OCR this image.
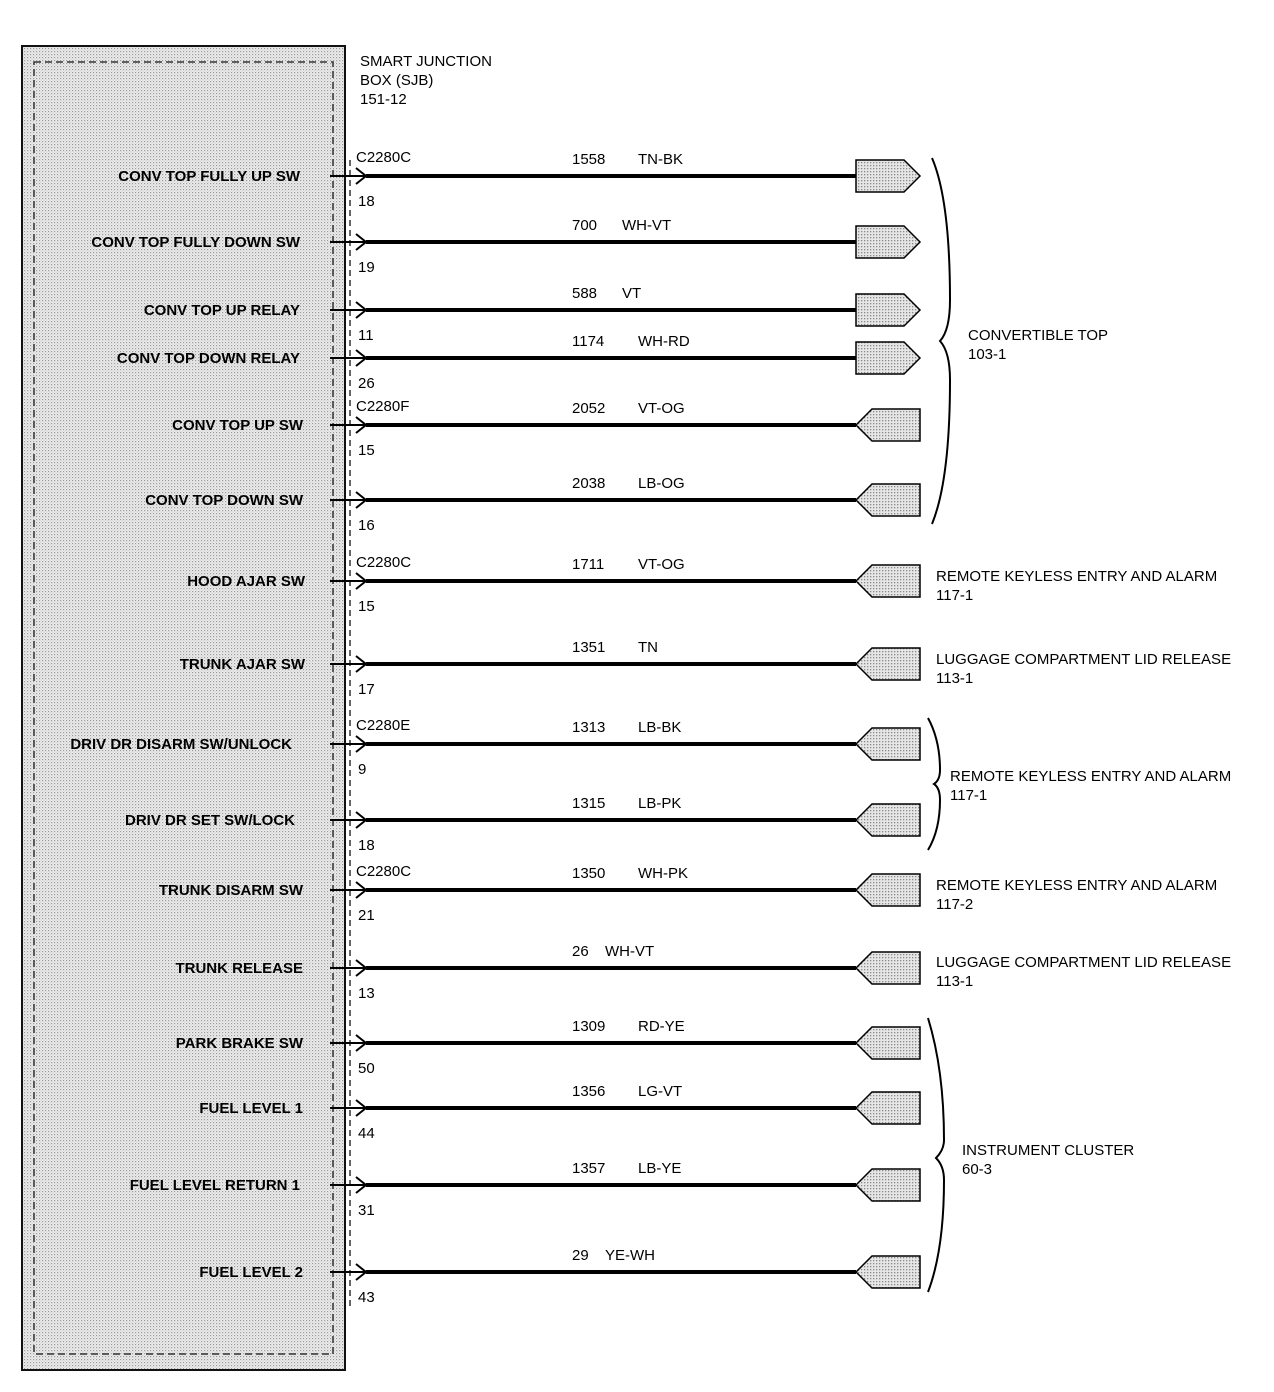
SMART JUNCTION
BOX (SJB)
151-12
CONV TOP FULLY UP SW
C2280C
18
1558 TN-BK
CONV TOP FULLY DOWN SW
19
700 WH-VT
CONV TOP UP RELAY
11
588 VT
CONV TOP DOWN RELAY
26
1174 WH-RD
CONV TOP UP SW
C2280F
15
2052 VT-OG
CONV TOP DOWN SW
16
2038 LB-OG
HOOD AJAR SW
C2280C
15
1711 VT-OG
TRUNK AJAR SW
17
1351 TN
DRIV DR DISARM SW/UNLOCK
C2280E
9
1313 LB-BK
DRIV DR SET SW/LOCK
18
1315 LB-PK
TRUNK DISARM SW
C2280C
21
1350 WH-PK
TRUNK RELEASE
13
26 WH-VT
PARK BRAKE SW
50
1309 RD-YE
FUEL LEVEL 1
44
1356 LG-VT
FUEL LEVEL RETURN 1
31
1357 LB-YE
FUEL LEVEL 2
43
29 YE-WH
CONVERTIBLE TOP
103-1
REMOTE KEYLESS ENTRY AND ALARM
117-1
LUGGAGE COMPARTMENT LID RELEASE
113-1
REMOTE KEYLESS ENTRY AND ALARM
117-1
REMOTE KEYLESS ENTRY AND ALARM
117-2
LUGGAGE COMPARTMENT LID RELEASE
113-1
INSTRUMENT CLUSTER
60-3
